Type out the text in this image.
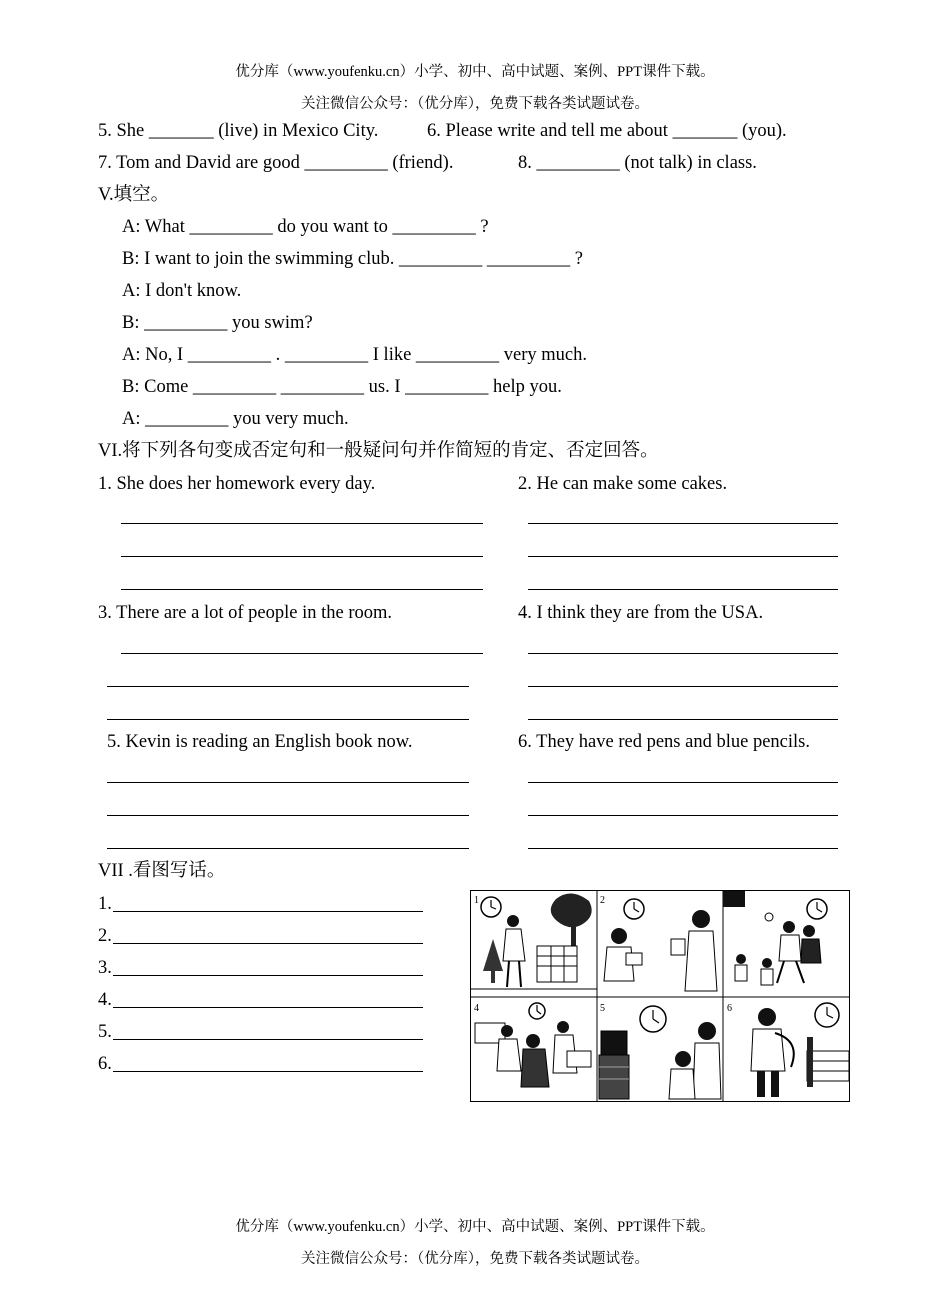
优分库（www.youfenku.cn）小学、初中、高中试题、案例、PPT课件下载。
关注微信公众号：（优分库），免费下载各类试题试卷。
5. She _______ (live) in Mexico City.	6. Please write and tell me about _______ (you).
7. Tom and David are good _________ (friend).	8. _________ (not talk) in class.
V.填空。
A: What _________ do you want to _________ ?
B: I want to join the swimming club. _________ _________ ?
A: I don't know.
B: _________ you swim?
A: No, I _________ . _________ I like _________ very much.
B: Come _________ _________ us. I _________ help you.
A: _________ you very much.
VI.将下列各句变成否定句和一般疑问句并作简短的肯定、否定回答。
1. She does her homework every day.	2. He can make some cakes.
3. There are a lot of people in the room.	4. I think they are from the USA.
5. Kevin is reading an English book now.	6. They have red pens and blue pencils.
VII .看图写话。
1.
2.
3.
4.
5.
6.
1	2
4	5	6
优分库（www.youfenku.cn）小学、初中、高中试题、案例、PPT课件下载。
关注微信公众号：（优分库），免费下载各类试题试卷。
